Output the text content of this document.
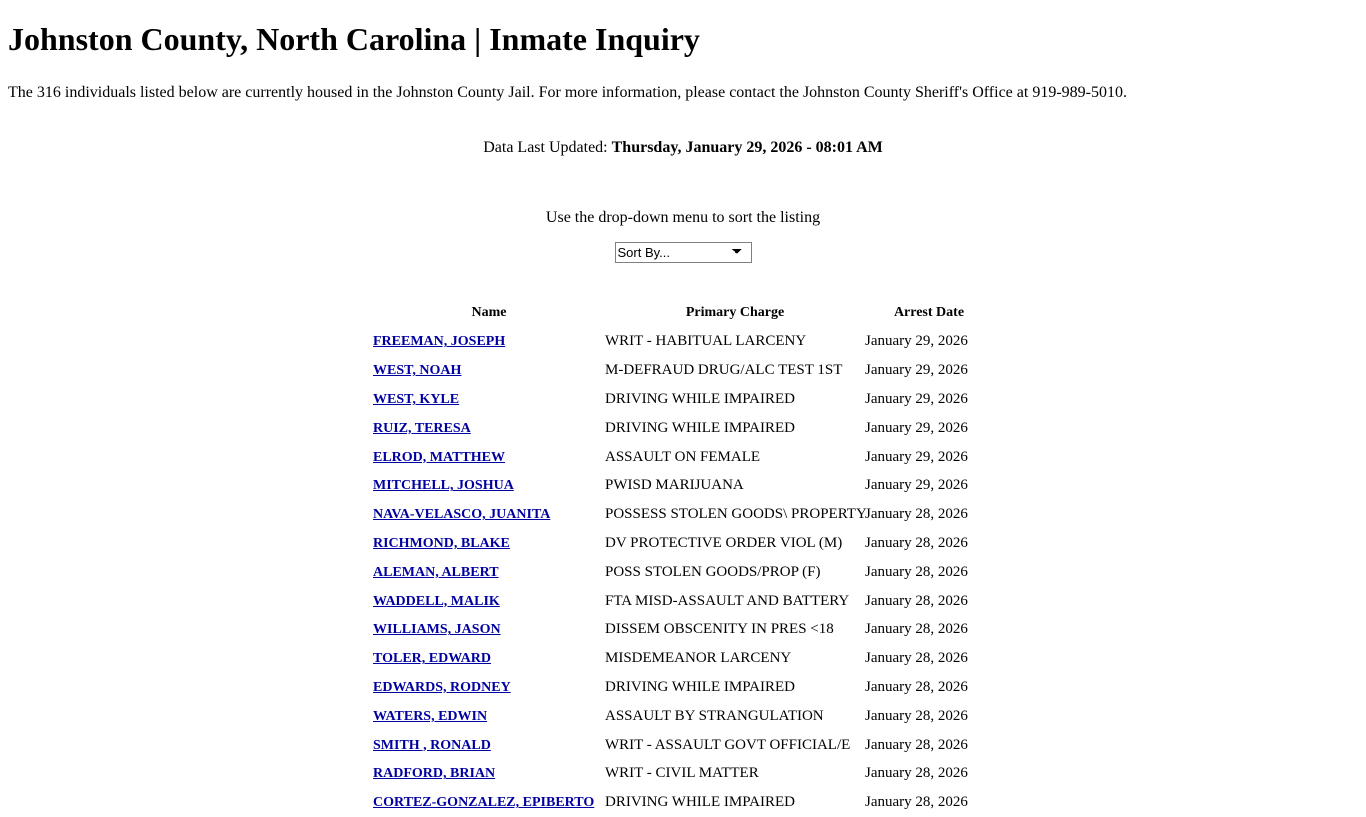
Johnston County, North Carolina | Inmate Inquiry

The 316 individuals listed below are currently housed in the Johnston County Jail. For more information, please contact the Johnston County Sheriff's Office at 919-989-5010.

Data Last Updated: Thursday, January 29, 2026 - 08:01 AM

Use the drop-down menu to sort the listing

Sort By...
Name	Primary Charge	Arrest Date
FREEMAN, JOSEPH	WRIT - HABITUAL LARCENY	January 29, 2026
WEST, NOAH	M-DEFRAUD DRUG/ALC TEST 1ST	January 29, 2026
WEST, KYLE	DRIVING WHILE IMPAIRED	January 29, 2026
RUIZ, TERESA	DRIVING WHILE IMPAIRED	January 29, 2026
ELROD, MATTHEW	ASSAULT ON FEMALE	January 29, 2026
MITCHELL, JOSHUA	PWISD MARIJUANA	January 29, 2026
NAVA-VELASCO, JUANITA	POSSESS STOLEN GOODS\ PROPERTY	January 28, 2026
RICHMOND, BLAKE	DV PROTECTIVE ORDER VIOL (M)	January 28, 2026
ALEMAN, ALBERT	POSS STOLEN GOODS/PROP (F)	January 28, 2026
WADDELL, MALIK	FTA MISD-ASSAULT AND BATTERY	January 28, 2026
WILLIAMS, JASON	DISSEM OBSCENITY IN PRES <18	January 28, 2026
TOLER, EDWARD	MISDEMEANOR LARCENY	January 28, 2026
EDWARDS, RODNEY	DRIVING WHILE IMPAIRED	January 28, 2026
WATERS, EDWIN	ASSAULT BY STRANGULATION	January 28, 2026
SMITH , RONALD	WRIT - ASSAULT GOVT OFFICIAL/E	January 28, 2026
RADFORD, BRIAN	WRIT - CIVIL MATTER	January 28, 2026
CORTEZ-GONZALEZ, EPIBERTO	DRIVING WHILE IMPAIRED	January 28, 2026
